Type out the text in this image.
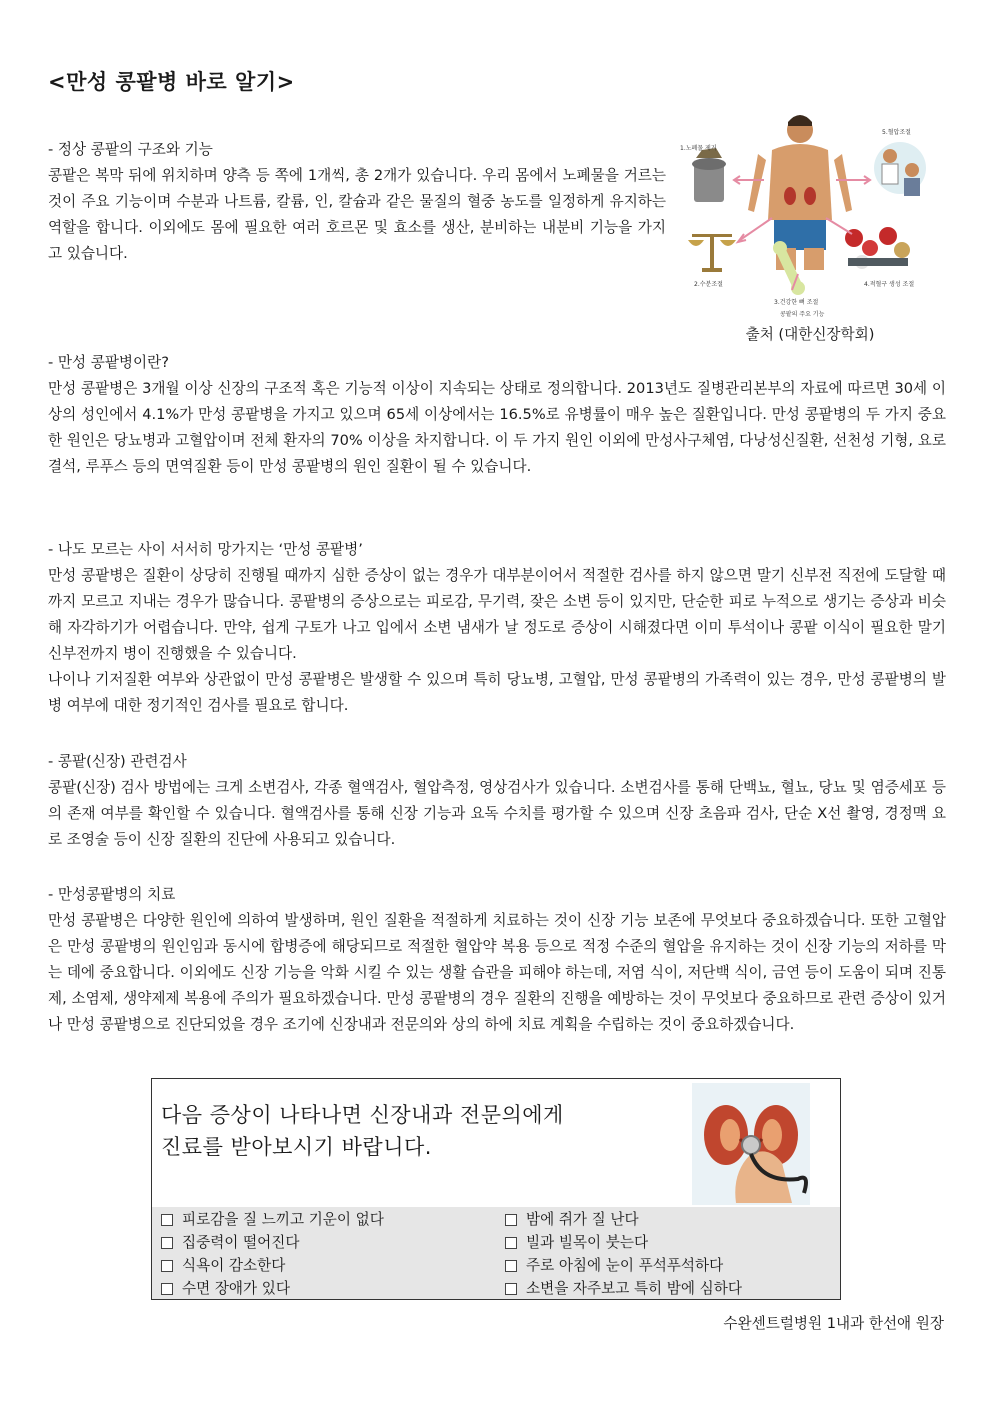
<만성 콩팥병 바로 알기>

- 정상 콩팥의 구조와 기능

콩팥은 복막 뒤에 위치하며 양측 등 쪽에 1개씩, 총 2개가 있습니다. 우리 몸에서 노폐물을 거르는 것이 주요 기능이며 수분과 나트륨, 칼륨, 인, 칼슘과 같은 물질의 혈중 농도를 일정하게 유지하는 역할을 합니다. 이외에도 몸에 필요한 여러 호르몬 및 효소를 생산, 분비하는 내분비 기능을 가지고 있습니다.

1.노폐물 제거
2.수분조절
3.건강한 뼈 조절
4.적혈구 생성 조절
5.혈압조절
콩팥의 주요 기능
출처 (대한신장학회)

- 만성 콩팥병이란?

만성 콩팥병은 3개월 이상 신장의 구조적 혹은 기능적 이상이 지속되는 상태로 정의합니다. 2013년도 질병관리본부의 자료에 따르면 30세 이상의 성인에서 4.1%가 만성 콩팥병을 가지고 있으며 65세 이상에서는 16.5%로 유병률이 매우 높은 질환입니다. 만성 콩팥병의 두 가지 중요한 원인은 당뇨병과 고혈압이며 전체 환자의 70% 이상을 차지합니다. 이 두 가지 원인 이외에 만성사구체염, 다낭성신질환, 선천성 기형, 요로 결석, 루푸스 등의 면역질환 등이 만성 콩팥병의 원인 질환이 될 수 있습니다.

- 나도 모르는 사이 서서히 망가지는 ‘만성 콩팥병’

만성 콩팥병은 질환이 상당히 진행될 때까지 심한 증상이 없는 경우가 대부분이어서 적절한 검사를 하지 않으면 말기 신부전 직전에 도달할 때까지 모르고 지내는 경우가 많습니다. 콩팥병의 증상으로는 피로감, 무기력, 잦은 소변 등이 있지만, 단순한 피로 누적으로 생기는 증상과 비슷해 자각하기가 어렵습니다. 만약, 쉽게 구토가 나고 입에서 소변 냄새가 날 정도로 증상이 시해졌다면 이미 투석이나 콩팥 이식이 필요한 말기 신부전까지 병이 진행했을 수 있습니다.

나이나 기저질환 여부와 상관없이 만성 콩팥병은 발생할 수 있으며 특히 당뇨병, 고혈압, 만성 콩팥병의 가족력이 있는 경우, 만성 콩팥병의 발병 여부에 대한 정기적인 검사를 필요로 합니다.

- 콩팥(신장) 관련검사

콩팥(신장) 검사 방법에는 크게 소변검사, 각종 혈액검사, 혈압측정, 영상검사가 있습니다. 소변검사를 통해 단백뇨, 혈뇨, 당뇨 및 염증세포 등의 존재 여부를 확인할 수 있습니다. 혈액검사를 통해 신장 기능과 요독 수치를 평가할 수 있으며 신장 초음파 검사, 단순 X선 촬영, 경정맥 요로 조영술 등이 신장 질환의 진단에 사용되고 있습니다.

- 만성콩팥병의 치료

만성 콩팥병은 다양한 원인에 의하여 발생하며, 원인 질환을 적절하게 치료하는 것이 신장 기능 보존에 무엇보다 중요하겠습니다. 또한 고혈압은 만성 콩팥병의 원인임과 동시에 합병증에 해당되므로 적절한 혈압약 복용 등으로 적정 수준의 혈압을 유지하는 것이 신장 기능의 저하를 막는 데에 중요합니다. 이외에도 신장 기능을 악화 시킬 수 있는 생활 습관을 피해야 하는데, 저염 식이, 저단백 식이, 금연 등이 도움이 되며 진통제, 소염제, 생약제제 복용에 주의가 필요하겠습니다. 만성 콩팥병의 경우 질환의 진행을 예방하는 것이 무엇보다 중요하므로 관련 증상이 있거나 만성 콩팥병으로 진단되었을 경우 조기에 신장내과 전문의와 상의 하에 치료 계획을 수립하는 것이 중요하겠습니다.

다음 증상이 나타나면 신장내과 전문의에게
진료를 받아보시기 바랍니다.
피로감을 질 느끼고 기운이 없다
집중력이 떨어진다
식욕이 감소한다
수면 장애가 있다
밤에 쥐가 질 난다
빌과 빌목이 붓는다
주로 아침에 눈이 푸석푸석하다
소변을 자주보고 특히 밤에 심하다
수완센트럴병원 1내과 한선애 원장
